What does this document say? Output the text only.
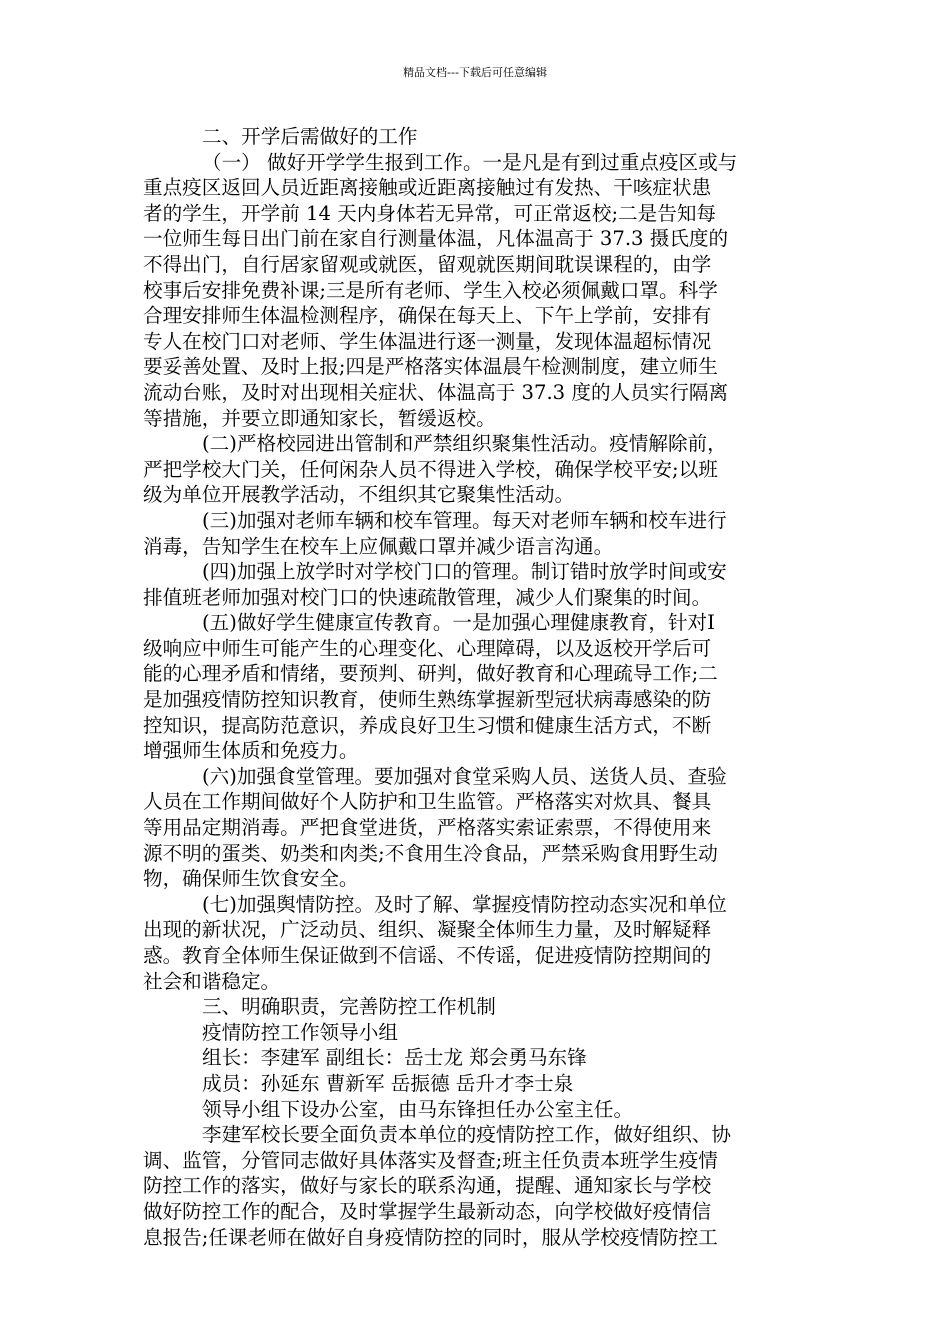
精品文档---下载后可任意编辑
二、开学后需做好的工作
（一） 做好开学学生报到工作。一是凡是有到过重点疫区或与
重点疫区返回人员近距离接触或近距离接触过有发热、干咳症状患
者的学生，开学前 14 天内身体若无异常，可正常返校;二是告知每
一位师生每日出门前在家自行测量体温，凡体温高于 37.3 摄氏度的
不得出门，自行居家留观或就医，留观就医期间耽误课程的，由学
校事后安排免费补课;三是所有老师、学生入校必须佩戴口罩。科学
合理安排师生体温检测程序，确保在每天上、下午上学前，安排有
专人在校门口对老师、学生体温进行逐一测量，发现体温超标情况
要妥善处置、及时上报;四是严格落实体温晨午检测制度，建立师生
流动台账，及时对出现相关症状、体温高于 37.3 度的人员实行隔离
等措施，并要立即通知家长，暂缓返校。
(二)严格校园进出管制和严禁组织聚集性活动。疫情解除前，
严把学校大门关，任何闲杂人员不得进入学校，确保学校平安;以班
级为单位开展教学活动，不组织其它聚集性活动。
(三)加强对老师车辆和校车管理。每天对老师车辆和校车进行
消毒，告知学生在校车上应佩戴口罩并减少语言沟通。
(四)加强上放学时对学校门口的管理。制订错时放学时间或安
排值班老师加强对校门口的快速疏散管理，减少人们聚集的时间。
(五)做好学生健康宣传教育。一是加强心理健康教育，针对Ⅰ
级响应中师生可能产生的心理变化、心理障碍，以及返校开学后可
能的心理矛盾和情绪，要预判、研判，做好教育和心理疏导工作;二
是加强疫情防控知识教育，使师生熟练掌握新型冠状病毒感染的防
控知识，提高防范意识，养成良好卫生习惯和健康生活方式，不断
增强师生体质和免疫力。
(六)加强食堂管理。要加强对食堂采购人员、送货人员、查验
人员在工作期间做好个人防护和卫生监管。严格落实对炊具、餐具
等用品定期消毒。严把食堂进货，严格落实索证索票，不得使用来
源不明的蛋类、奶类和肉类;不食用生冷食品，严禁采购食用野生动
物，确保师生饮食安全。
(七)加强舆情防控。及时了解、掌握疫情防控动态实况和单位
出现的新状况，广泛动员、组织、凝聚全体师生力量，及时解疑释
惑。教育全体师生保证做到不信谣、不传谣，促进疫情防控期间的
社会和谐稳定。
三、明确职责，完善防控工作机制
疫情防控工作领导小组
组长：李建军 副组长：岳士龙 郑会勇马东锋
成员：孙延东 曹新军 岳振德 岳升才李士泉
领导小组下设办公室，由马东锋担任办公室主任。
李建军校长要全面负责本单位的疫情防控工作，做好组织、协
调、监管，分管同志做好具体落实及督查;班主任负责本班学生疫情
防控工作的落实，做好与家长的联系沟通，提醒、通知家长与学校
做好防控工作的配合，及时掌握学生最新动态，向学校做好疫情信
息报告;任课老师在做好自身疫情防控的同时，服从学校疫情防控工
